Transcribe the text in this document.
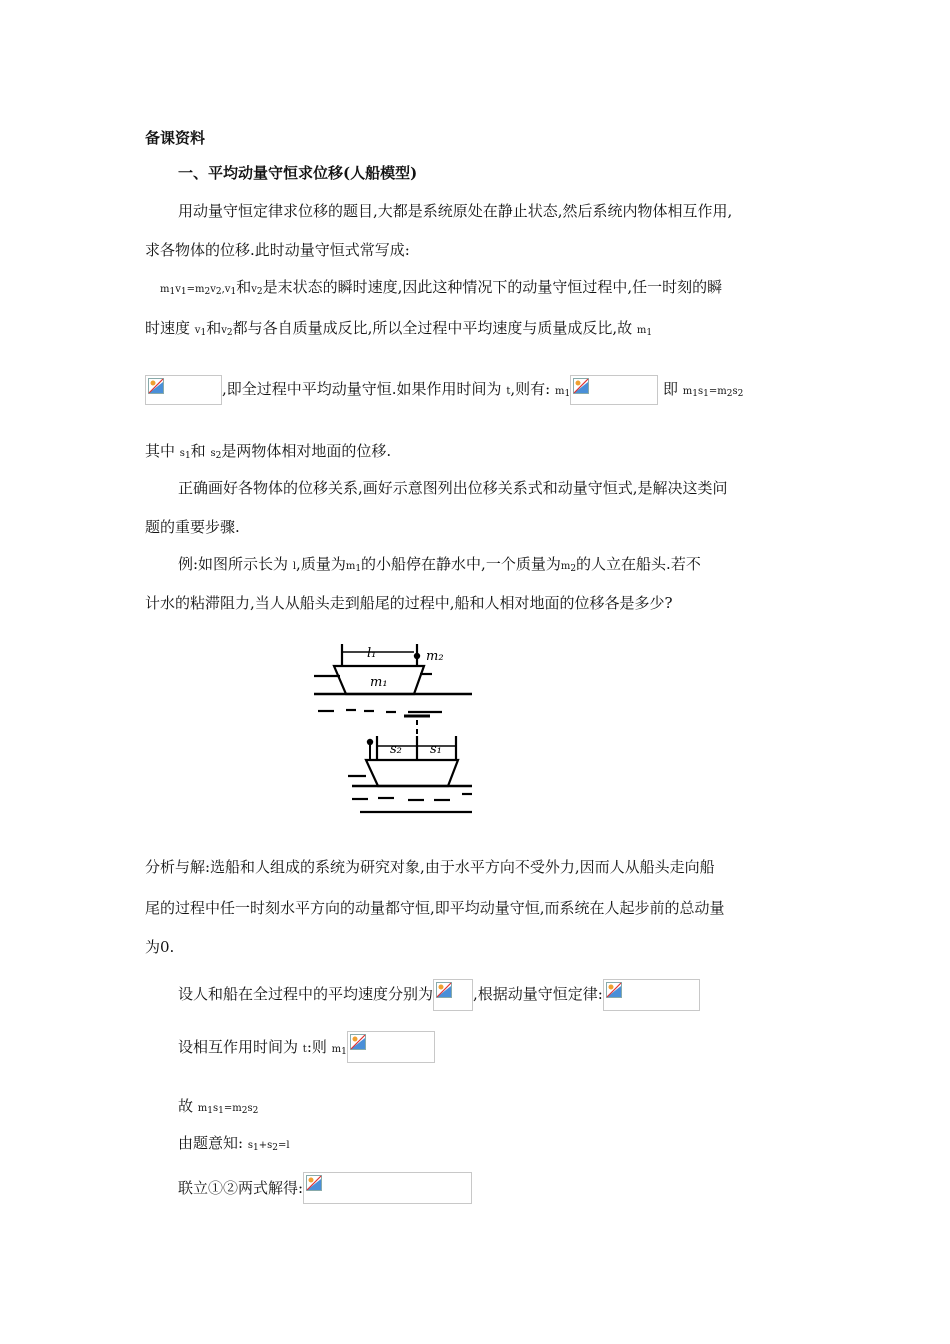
备课资料
一、平均动量守恒求位移(人船模型)
用动量守恒定律求位移的题目,大都是系统原处在静止状态,然后系统内物体相互作用,
求各物体的位移.此时动量守恒式常写成:
$m_1v_1=m_2v_2,v_1$和$v_2$是末状态的瞬时速度,因此这种情况下的动量守恒过程中,任一时刻的瞬
时速度 $v_1$和$v_2$都与各自质量成反比,所以全过程中平均速度与质量成反比,故 $m_1$
,即全过程中平均动量守恒.如果作用时间为 t,则有: $m_1$	即 $m_1s_1=m_2s_2$
其中 $s_1$和 $s_2$是两物体相对地面的位移.
正确画好各物体的位移关系,画好示意图列出位移关系式和动量守恒式,是解决这类问
题的重要步骤.
例:如图所示长为 l,质量为$m_1$的小船停在静水中,一个质量为$m_2$的人立在船头.若不
计水的粘滞阻力,当人从船头走到船尾的过程中,船和人相对地面的位移各是多少?
l₁	m₂
m₁
s₂ s₁
分析与解:选船和人组成的系统为研究对象,由于水平方向不受外力,因而人从船头走向船
尾的过程中任一时刻水平方向的动量都守恒,即平均动量守恒,而系统在人起步前的总动量
为0.
设人和船在全过程中的平均速度分别为	,根据动量守恒定律:
设相互作用时间为 t:则 $m_1$
故 $m_1s_1=m_2s_2$
由题意知: $s_1+s_2=l$
联立①②两式解得:
